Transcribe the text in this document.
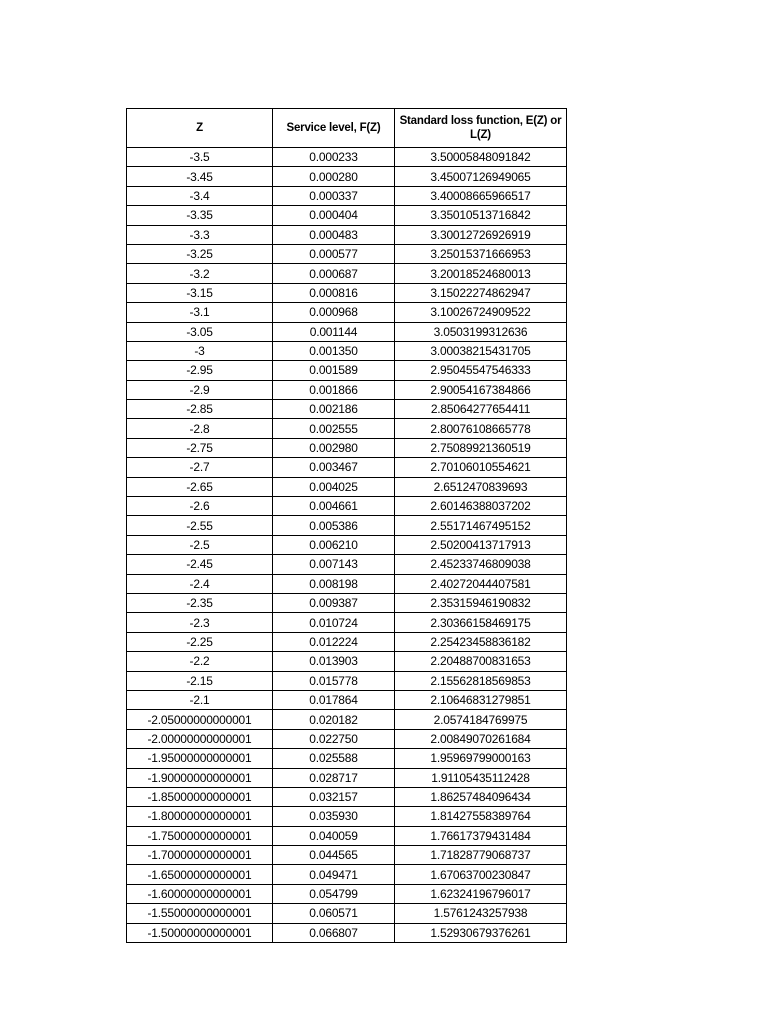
Z	Service level, F(Z)	Standard loss function, E(Z) or L(Z)
-3.5	0.000233	3.50005848091842
-3.45	0.000280	3.45007126949065
-3.4	0.000337	3.40008665966517
-3.35	0.000404	3.35010513716842
-3.3	0.000483	3.30012726926919
-3.25	0.000577	3.25015371666953
-3.2	0.000687	3.20018524680013
-3.15	0.000816	3.15022274862947
-3.1	0.000968	3.10026724909522
-3.05	0.001144	3.0503199312636
-3	0.001350	3.00038215431705
-2.95	0.001589	2.95045547546333
-2.9	0.001866	2.90054167384866
-2.85	0.002186	2.85064277654411
-2.8	0.002555	2.80076108665778
-2.75	0.002980	2.75089921360519
-2.7	0.003467	2.70106010554621
-2.65	0.004025	2.6512470839693
-2.6	0.004661	2.60146388037202
-2.55	0.005386	2.55171467495152
-2.5	0.006210	2.50200413717913
-2.45	0.007143	2.45233746809038
-2.4	0.008198	2.40272044407581
-2.35	0.009387	2.35315946190832
-2.3	0.010724	2.30366158469175
-2.25	0.012224	2.25423458836182
-2.2	0.013903	2.20488700831653
-2.15	0.015778	2.15562818569853
-2.1	0.017864	2.10646831279851
-2.05000000000001	0.020182	2.0574184769975
-2.00000000000001	0.022750	2.00849070261684
-1.95000000000001	0.025588	1.95969799000163
-1.90000000000001	0.028717	1.91105435112428
-1.85000000000001	0.032157	1.86257484096434
-1.80000000000001	0.035930	1.81427558389764
-1.75000000000001	0.040059	1.76617379431484
-1.70000000000001	0.044565	1.71828779068737
-1.65000000000001	0.049471	1.67063700230847
-1.60000000000001	0.054799	1.62324196796017
-1.55000000000001	0.060571	1.5761243257938
-1.50000000000001	0.066807	1.52930679376261
